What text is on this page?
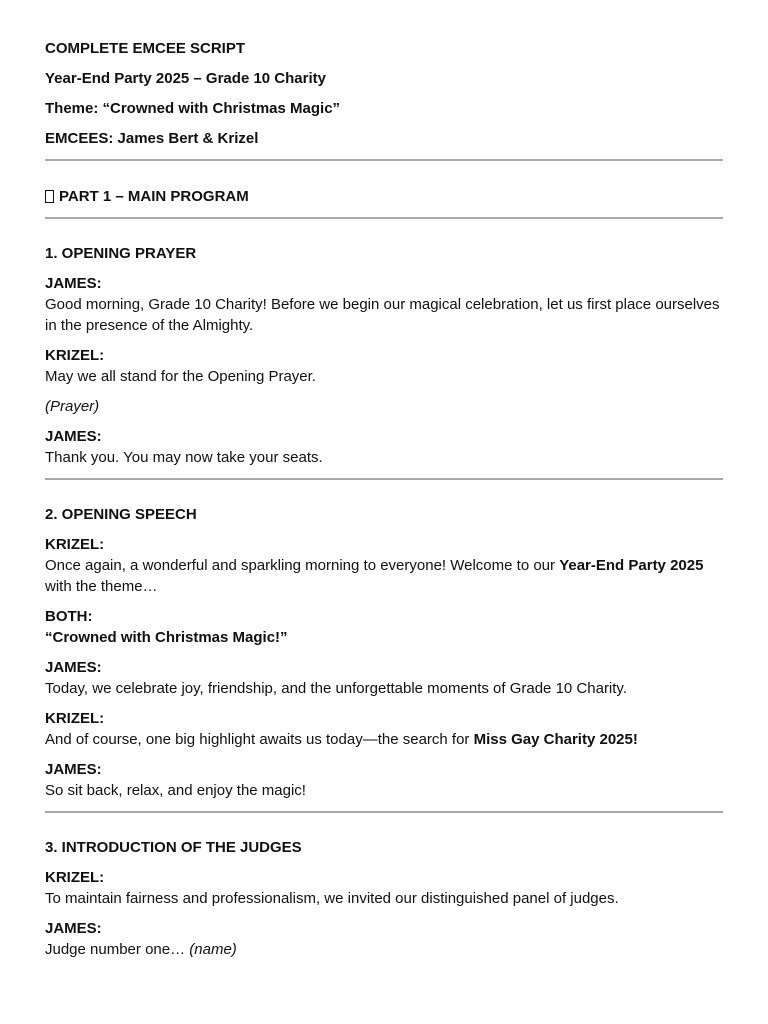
COMPLETE EMCEE SCRIPT

Year-End Party 2025 – Grade 10 Charity

Theme: “Crowned with Christmas Magic”

EMCEES: James Bert & Krizel

PART 1 – MAIN PROGRAM

1. OPENING PRAYER

JAMES:

Good morning, Grade 10 Charity! Before we begin our magical celebration, let us first place ourselves in the presence of the Almighty.

KRIZEL:

May we all stand for the Opening Prayer.

(Prayer)

JAMES:

Thank you. You may now take your seats.

2. OPENING SPEECH

KRIZEL:

Once again, a wonderful and sparkling morning to everyone! Welcome to our Year-End Party 2025 with the theme…

BOTH:

“Crowned with Christmas Magic!”

JAMES:

Today, we celebrate joy, friendship, and the unforgettable moments of Grade 10 Charity.

KRIZEL:

And of course, one big highlight awaits us today—the search for Miss Gay Charity 2025!

JAMES:

So sit back, relax, and enjoy the magic!

3. INTRODUCTION OF THE JUDGES

KRIZEL:

To maintain fairness and professionalism, we invited our distinguished panel of judges.

JAMES:

Judge number one… (name)
